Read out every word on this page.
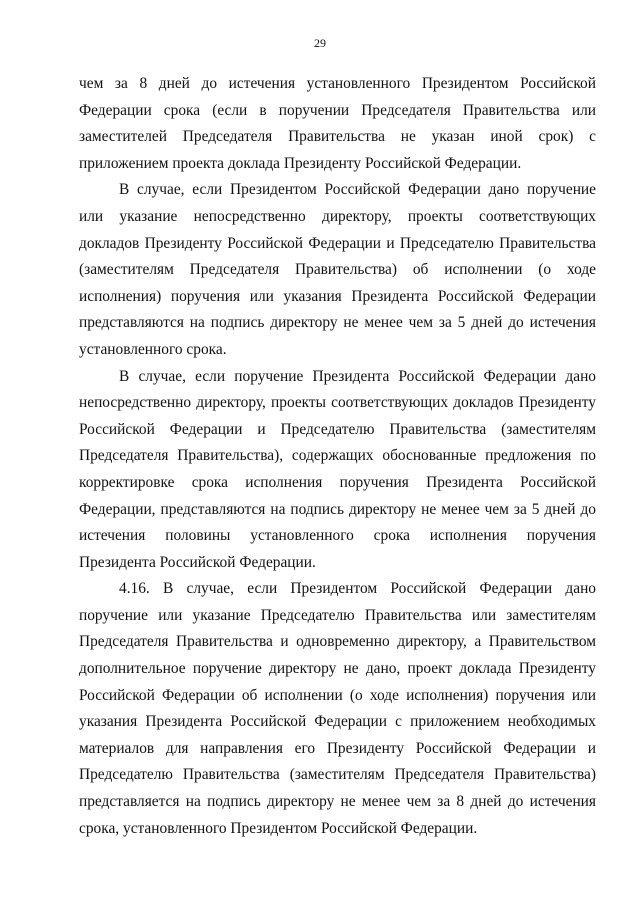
29

чем за 8 дней до истечения установленного Президентом Российской Федерации срока (если в поручении Председателя Правительства или заместителей Председателя Правительства не указан иной срок) с приложением проекта доклада Президенту Российской Федерации.

В случае, если Президентом Российской Федерации дано поручение или указание непосредственно директору, проекты соответствующих докладов Президенту Российской Федерации и Председателю Правительства (заместителям Председателя Правительства) об исполнении (о ходе исполнения) поручения или указания Президента Российской Федерации представляются на подпись директору не менее чем за 5 дней до истечения установленного срока.

В случае, если поручение Президента Российской Федерации дано непосредственно директору, проекты соответствующих докладов Президенту Российской Федерации и Председателю Правительства (заместителям Председателя Правительства), содержащих обоснованные предложения по корректировке срока исполнения поручения Президента Российской Федерации, представляются на подпись директору не менее чем за 5 дней до истечения половины установленного срока исполнения поручения Президента Российской Федерации.

4.16. В случае, если Президентом Российской Федерации дано поручение или указание Председателю Правительства или заместителям Председателя Правительства и одновременно директору, а Правительством дополнительное поручение директору не дано, проект доклада Президенту Российской Федерации об исполнении (о ходе исполнения) поручения или указания Президента Российской Федерации с приложением необходимых материалов для направления его Президенту Российской Федерации и Председателю Правительства (заместителям Председателя Правительства) представляется на подпись директору не менее чем за 8 дней до истечения срока, установленного Президентом Российской Федерации.
